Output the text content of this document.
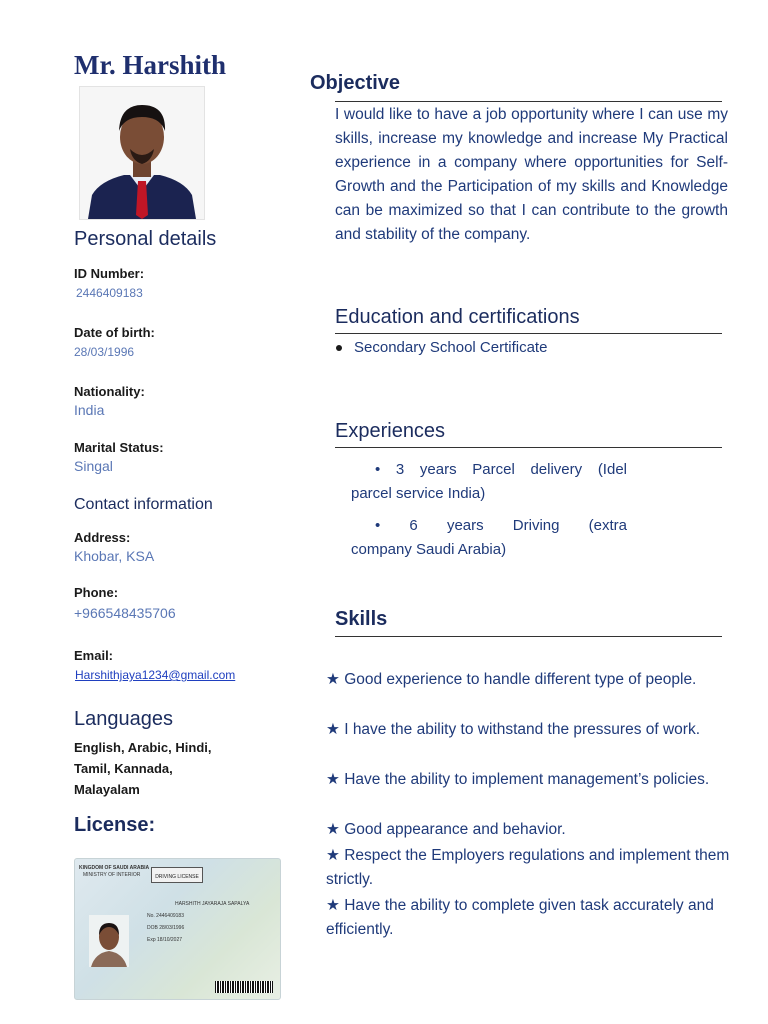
Mr. Harshith
Personal details
ID Number:
2446409183
Date of birth:
28/03/1996
Nationality:
India
Marital Status:
Singal
Contact information
Address:
Khobar, KSA
Phone:
+966548435706
Email:
Harshithjaya1234@gmail.com
Languages
English, Arabic, Hindi,
Tamil, Kannada,
Malayalam
License:
KINGDOM OF SAUDI ARABIA
MINISTRY OF INTERIOR	DRIVING LICENSE
HARSHITH JAYARAJA SAPALYA
No. 2446409183
DOB 28/03/1996
Exp 18/10/2027
Objective
I would like to have a job opportunity where I can use my skills, increase my knowledge and increase My Practical experience in a company where opportunities for Self-Growth and the Participation of my skills and Knowledge can be maximized so that I can contribute to the growth and stability of the company.
Education and certifications
Secondary School Certificate
Experiences
• 3 years Parcel delivery (Idel
parcel service India)
• 6 years Driving (extra
company Saudi Arabia)
Skills
★ Good experience to handle different type of people.
★ I have the ability to withstand the pressures of work.
★ Have the ability to implement management’s policies.
★ Good appearance and behavior.
★ Respect the Employers regulations and implement them strictly.
★ Have the ability to complete given task accurately and efficiently.
